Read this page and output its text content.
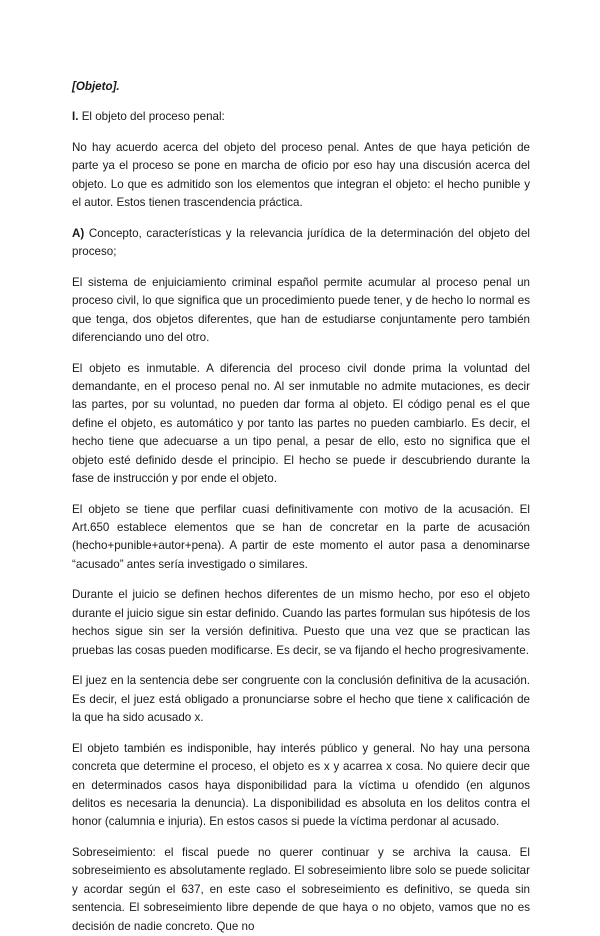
[Objeto].

I. El objeto del proceso penal:

No hay acuerdo acerca del objeto del proceso penal. Antes de que haya petición de parte ya el proceso se pone en marcha de oficio por eso hay una discusión acerca del objeto. Lo que es admitido son los elementos que integran el objeto: el hecho punible y el autor. Estos tienen trascendencia práctica.

A) Concepto, características y la relevancia jurídica de la determinación del objeto del proceso;

El sistema de enjuiciamiento criminal español permite acumular al proceso penal un proceso civil, lo que significa que un procedimiento puede tener, y de hecho lo normal es que tenga, dos objetos diferentes, que han de estudiarse conjuntamente pero también diferenciando uno del otro.

El objeto es inmutable. A diferencia del proceso civil donde prima la voluntad del demandante, en el proceso penal no. Al ser inmutable no admite mutaciones, es decir las partes, por su voluntad, no pueden dar forma al objeto. El código penal es el que define el objeto, es automático y por tanto las partes no pueden cambiarlo. Es decir, el hecho tiene que adecuarse a un tipo penal, a pesar de ello, esto no significa que el objeto esté definido desde el principio. El hecho se puede ir descubriendo durante la fase de instrucción y por ende el objeto.

El objeto se tiene que perfilar cuasi definitivamente con motivo de la acusación. El Art.650 establece elementos que se han de concretar en la parte de acusación (hecho+punible+autor+pena). A partir de este momento el autor pasa a denominarse “acusado” antes sería investigado o similares.

Durante el juicio se definen hechos diferentes de un mismo hecho, por eso el objeto durante el juicio sigue sin estar definido. Cuando las partes formulan sus hipótesis de los hechos sigue sin ser la versión definitiva. Puesto que una vez que se practican las pruebas las cosas pueden modificarse. Es decir, se va fijando el hecho progresivamente.

El juez en la sentencia debe ser congruente con la conclusión definitiva de la acusación. Es decir, el juez está obligado a pronunciarse sobre el hecho que tiene x calificación de la que ha sido acusado x.

El objeto también es indisponible, hay interés público y general. No hay una persona concreta que determine el proceso, el objeto es x y acarrea x cosa. No quiere decir que en determinados casos haya disponibilidad para la víctima u ofendido (en algunos delitos es necesaria la denuncia). La disponibilidad es absoluta en los delitos contra el honor (calumnia e injuria). En estos casos si puede la víctima perdonar al acusado.

Sobreseimiento: el fiscal puede no querer continuar y se archiva la causa. El sobreseimiento es absolutamente reglado. El sobreseimiento libre solo se puede solicitar y acordar según el 637, en este caso el sobreseimiento es definitivo, se queda sin sentencia. El sobreseimiento libre depende de que haya o no objeto, vamos que no es decisión de nadie concreto. Que no
